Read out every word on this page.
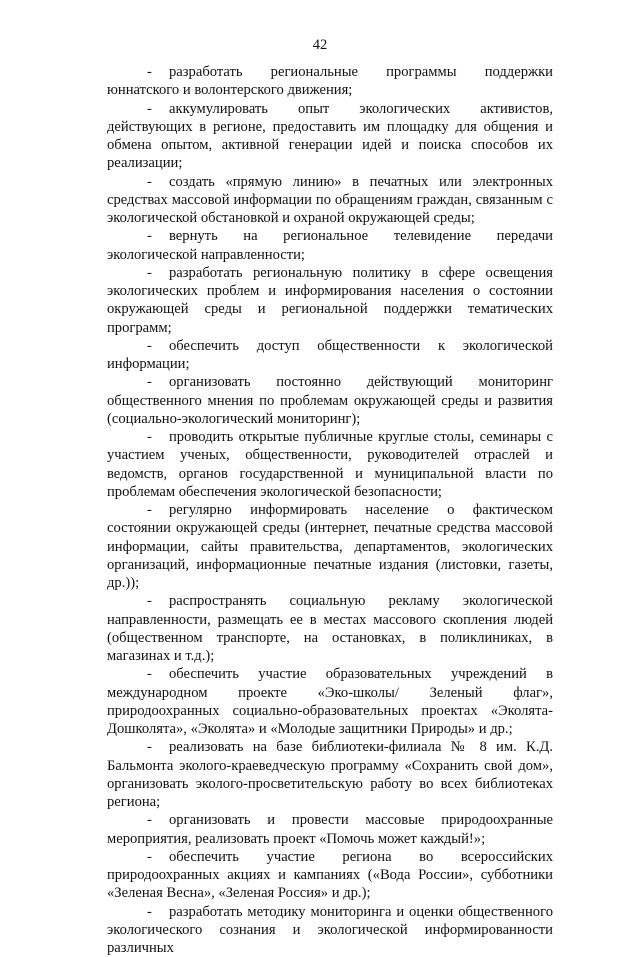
42

- разработать региональные программы поддержки юннатского и волонтерского движения;

- аккумулировать опыт экологических активистов, действующих в регионе, предоставить им площадку для общения и обмена опытом, активной генерации идей и поиска способов их реализации;

- создать «прямую линию» в печатных или электронных средствах массовой информации по обращениям граждан, связанным с экологической обстановкой и охраной окружающей среды;

- вернуть на региональное телевидение передачи экологической направленности;

- разработать региональную политику в сфере освещения экологических проблем и информирования населения о состоянии окружающей среды и региональной поддержки тематических программ;

- обеспечить доступ общественности к экологической информации;

- организовать постоянно действующий мониторинг общественного мнения по проблемам окружающей среды и развития (социально-экологический мониторинг);

- проводить открытые публичные круглые столы, семинары с участием ученых, общественности, руководителей отраслей и ведомств, органов государственной и муниципальной власти по проблемам обеспечения экологической безопасности;

- регулярно информировать население о фактическом состоянии окружающей среды (интернет, печатные средства массовой информации, сайты правительства, департаментов, экологических организаций, информационные печатные издания (листовки, газеты, др.));

- распространять социальную рекламу экологической направленности, размещать ее в местах массового скопления людей (общественном транспорте, на остановках, в поликлиниках, в магазинах и т.д.);

- обеспечить участие образовательных учреждений в международном проекте «Эко-школы/ Зеленый флаг», природоохранных социально-образовательных проектах «Эколята-Дошколята», «Эколята» и «Молодые защитники Природы» и др.;

- реализовать на базе библиотеки-филиала № 8 им. К.Д. Бальмонта эколого-краеведческую программу «Сохранить свой дом», организовать эколого-просветительскую работу во всех библиотеках региона;

- организовать и провести массовые природоохранные мероприятия, реализовать проект «Помочь может каждый!»;

- обеспечить участие региона во всероссийских природоохранных акциях и кампаниях («Вода России», субботники «Зеленая Весна», «Зеленая Россия» и др.);

- разработать методику мониторинга и оценки общественного экологического сознания и экологической информированности различных
